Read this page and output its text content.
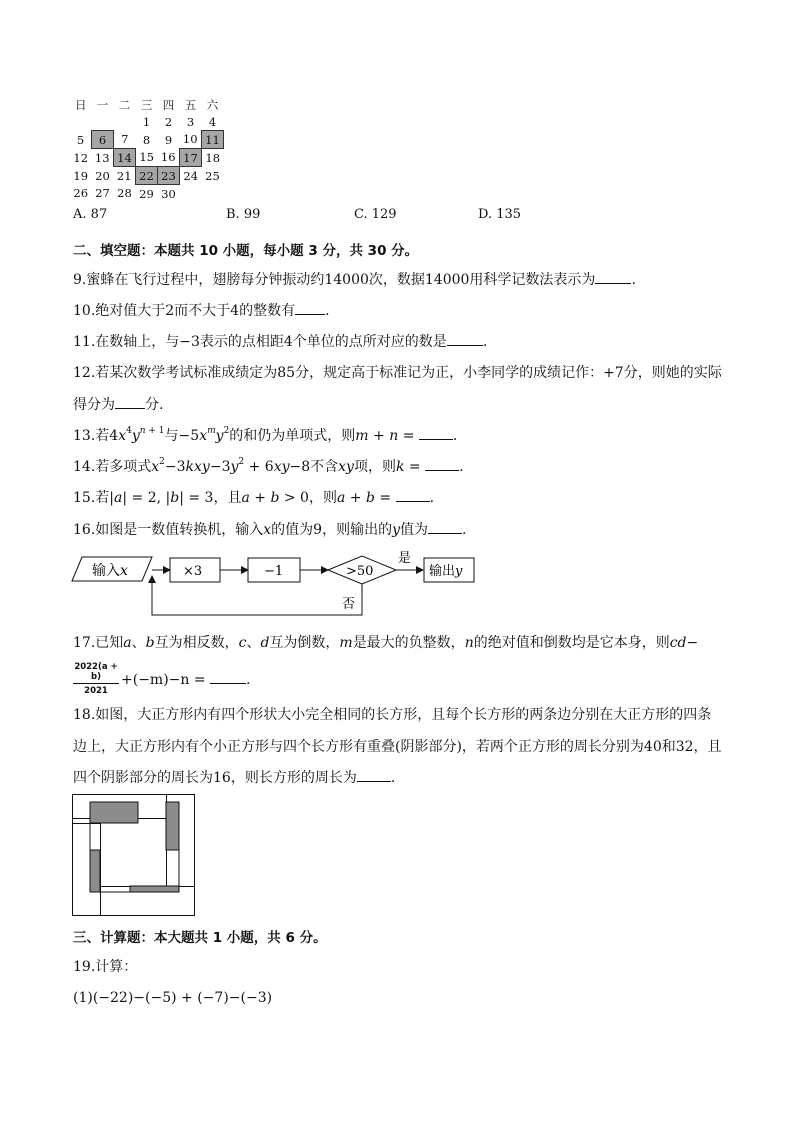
日	一	二	三	四	五	六
			1	2	3	4
5	6	7	8	9	10	11
12	13	14	15	16	17	18
19	20	21	22	23	24	25
26	27	28	29	30		
A. 87	B. 99	C. 129	D. 135
二、填空题：本题共 10 小题，每小题 3 分，共 30 分。
9.蜜蜂在飞行过程中，翅膀每分钟振动约14000次，数据14000用科学记数法表示为	.
10.绝对值大于2而不大于4的整数有 .
11.在数轴上，与−3表示的点相距4个单位的点所对应的数是	.
12.若某次数学考试标准成绩定为85分，规定高于标准记为正，小李同学的成绩记作：+7分，则她的实际
得分为 分.
13.若$4x^4y^{n + 1}$与$-5x^my^2$的和仍为单项式，则m + n =	.
14.若多项式$x^2-3kxy-3y^2 + 6xy-8$不含xy项，则k = .
15.若|a| = 2, |b| = 3，且a + b > 0，则a + b = .
16.如图是一数值转换机，输入x的值为9，则输出的y值为 .
输入x	×3	−1	>50
是
输出y
否
17.已知a、b互为相反数，c、d互为倒数，m是最大的负整数，n的绝对值和倒数均是它本身，则cd−
2022(a + b)
2021
+(−m)−n =	.
18.如图，大正方形内有四个形状大小完全相同的长方形，且每个长方形的两条边分别在大正方形的四条
边上，大正方形内有个小正方形与四个长方形有重叠(阴影部分)，若两个正方形的周长分别为40和32，且
四个阴影部分的周长为16，则长方形的周长为 .
三、计算题：本大题共 1 小题，共 6 分。
19.计算：
(1)(−22)−(−5) + (−7)−(−3)
